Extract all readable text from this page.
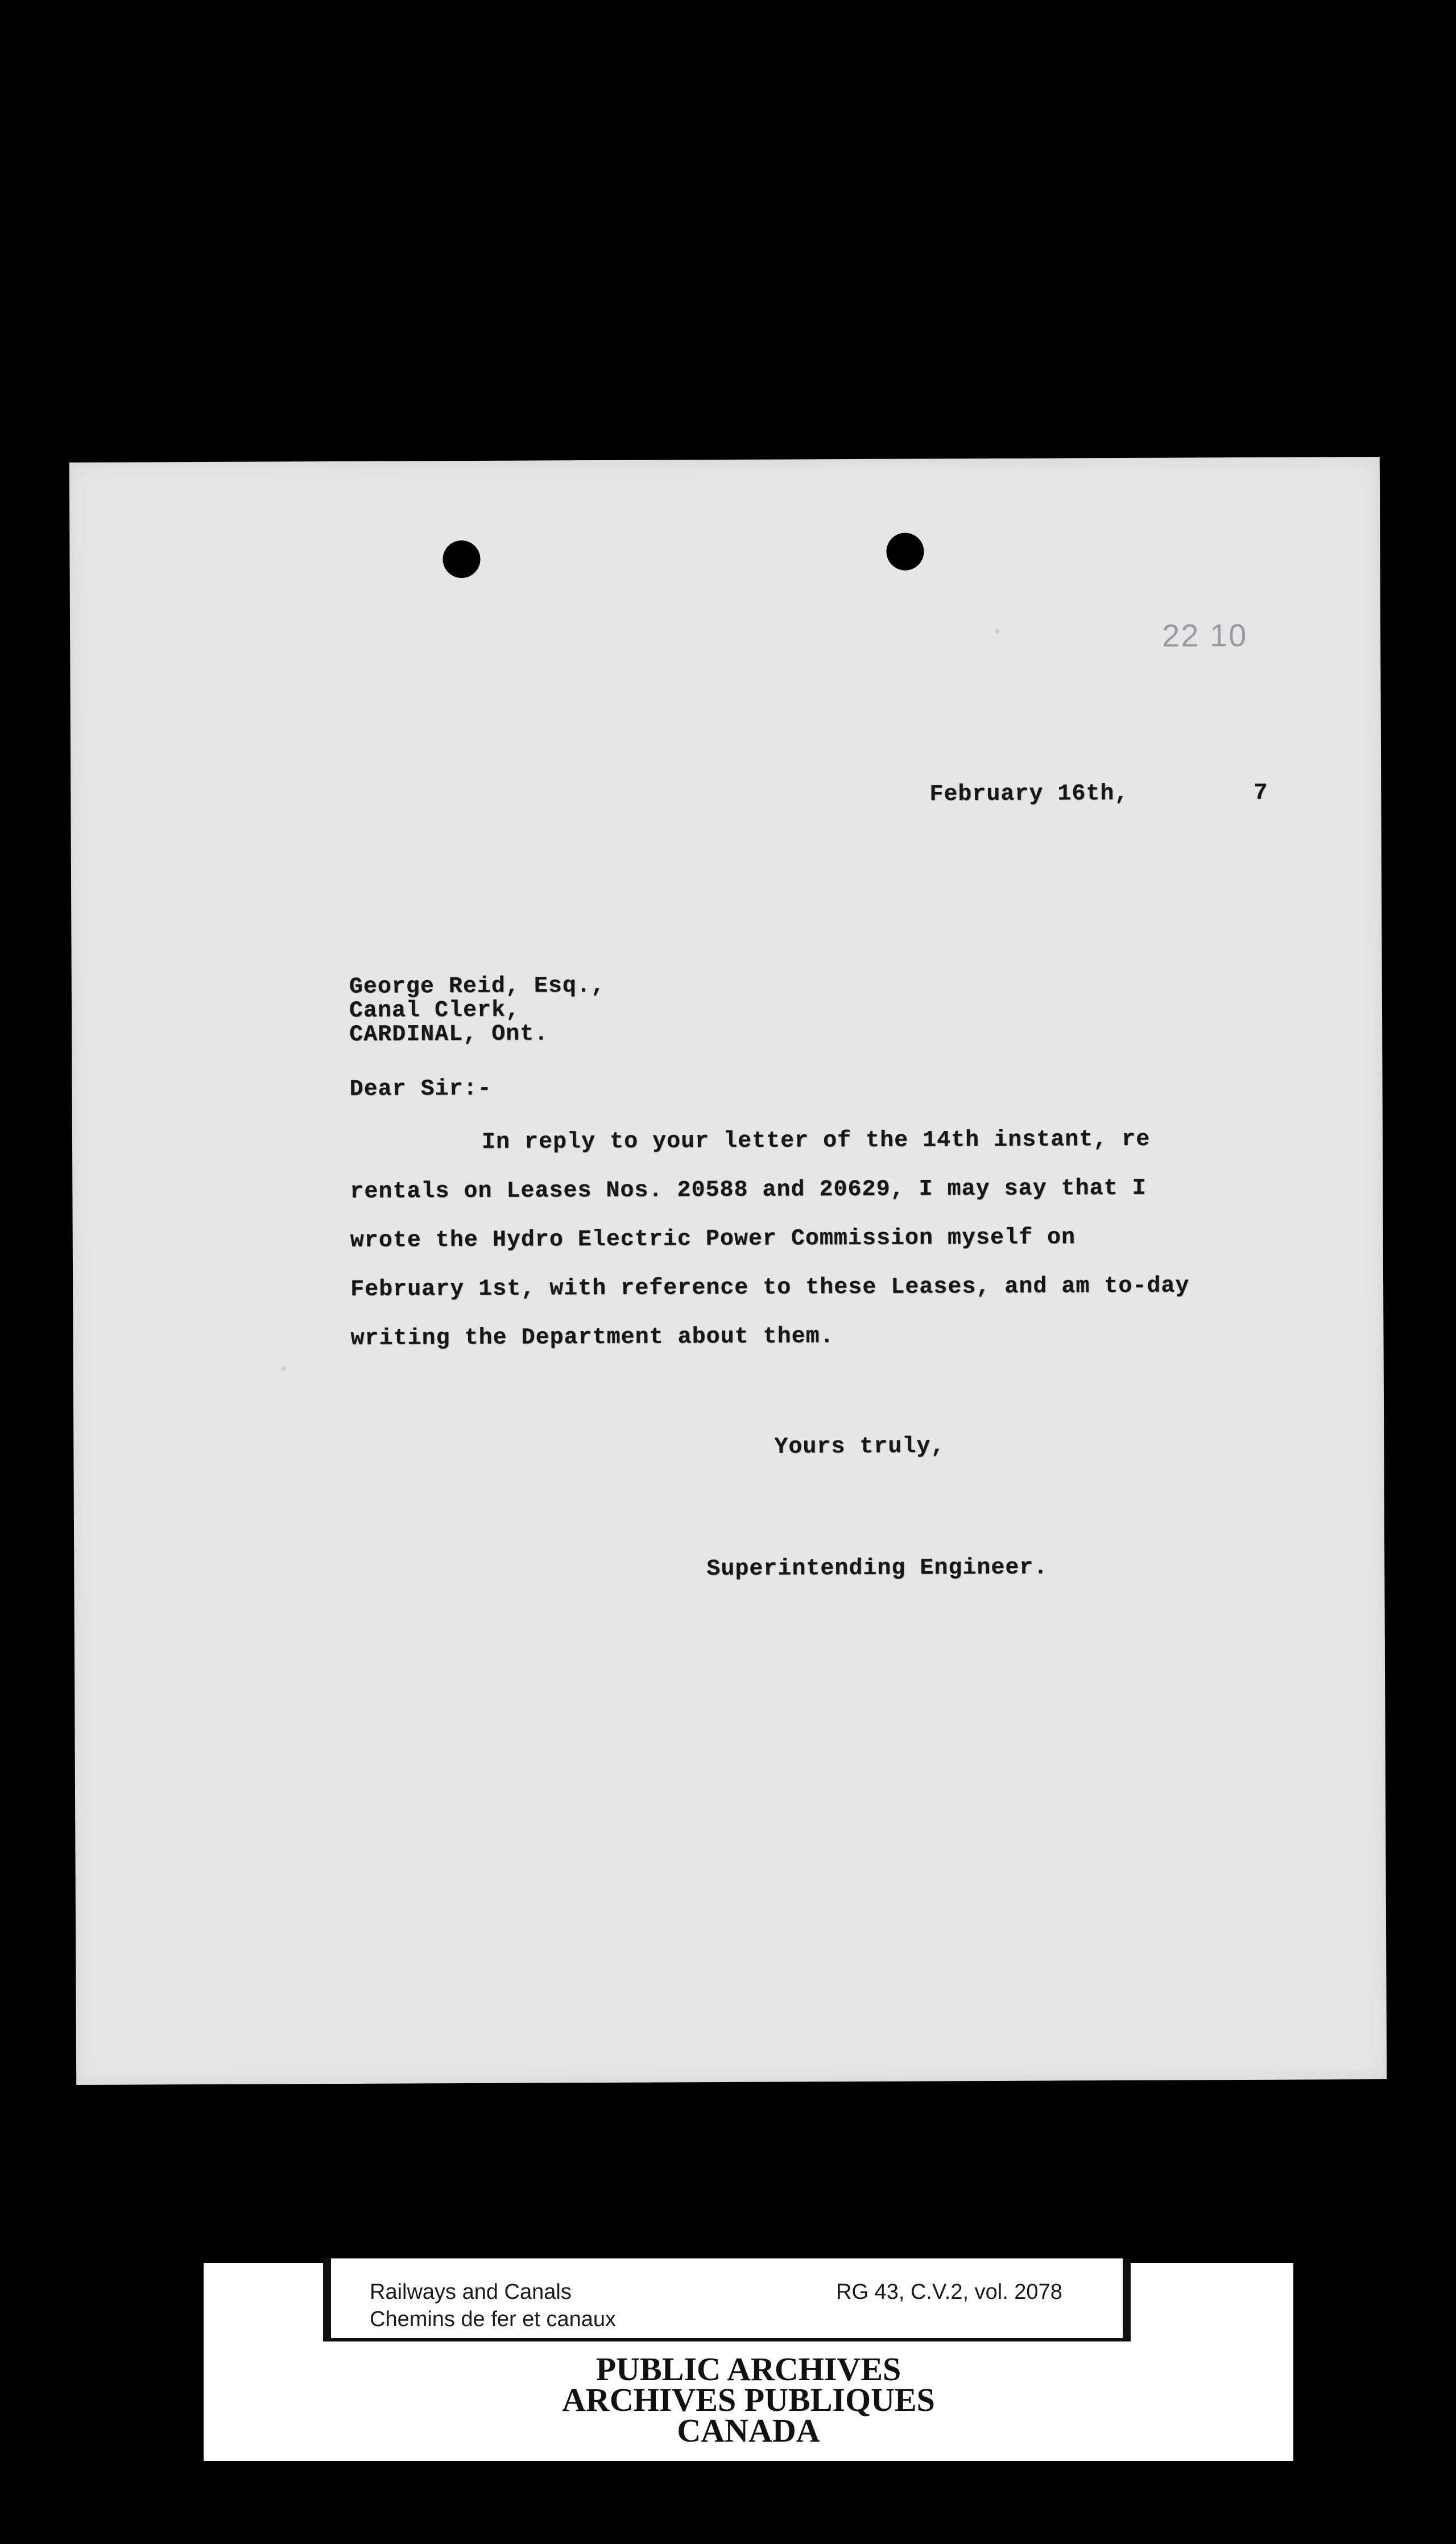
22 10
February 16th,	7
George Reid, Esq.,
Canal Clerk,
CARDINAL, Ont.
Dear Sir:-
In reply to your letter of the 14th instant, re
rentals on Leases Nos. 20588 and 20629, I may say that I
wrote the Hydro Electric Power Commission myself on
February 1st, with reference to these Leases, and am to-day
writing the Department about them.
Yours truly,
Superintending Engineer.
Railways and Canals
Chemins de fer et canaux
RG 43, C.V.2, vol. 2078
PUBLIC ARCHIVES
ARCHIVES PUBLIQUES
CANADA
